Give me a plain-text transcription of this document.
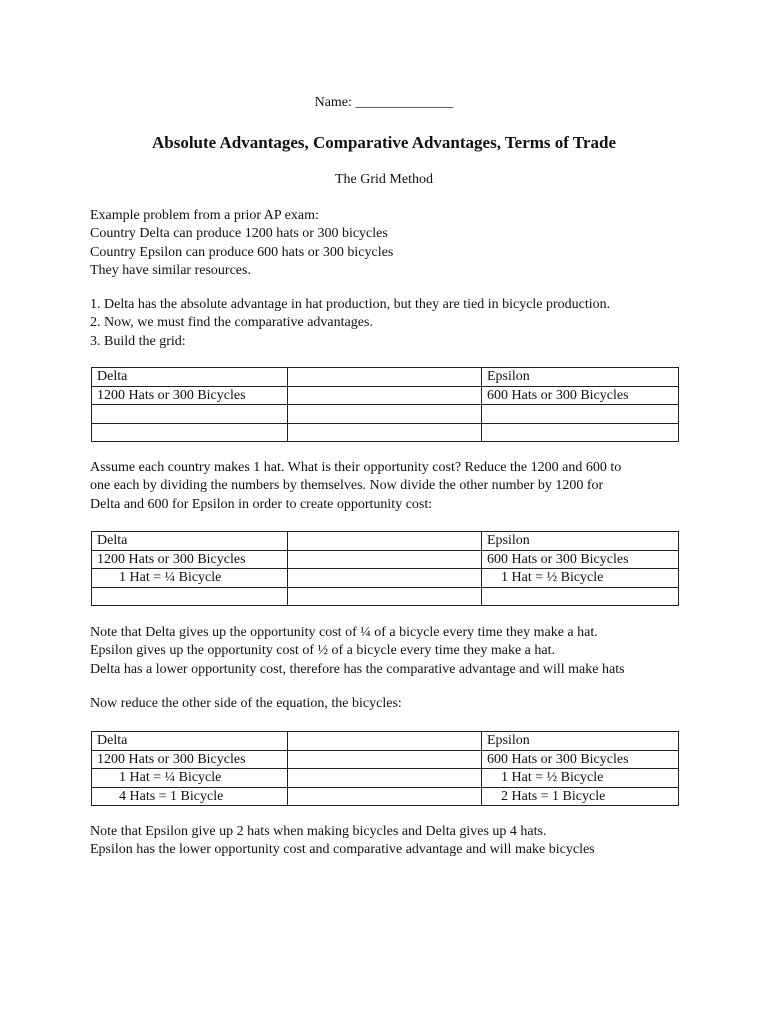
Name: ______________
Absolute Advantages, Comparative Advantages, Terms of Trade
The Grid Method

Example problem from a prior AP exam:

Country Delta can produce 1200 hats or 300 bicycles

Country Epsilon can produce 600 hats or 300 bicycles

They have similar resources.

1. Delta has the absolute advantage in hat production, but they are tied in bicycle production.

2. Now, we must find the comparative advantages.

3. Build the grid:

Delta		Epsilon
1200 Hats or 300 Bicycles		600 Hats or 300 Bicycles

Assume each country makes 1 hat. What is their opportunity cost? Reduce the 1200 and 600 to

one each by dividing the numbers by themselves. Now divide the other number by 1200 for

Delta and 600 for Epsilon in order to create opportunity cost:

Delta		Epsilon
1200 Hats or 300 Bicycles		600 Hats or 300 Bicycles
1 Hat = ¼ Bicycle		1 Hat = ½ Bicycle

Note that Delta gives up the opportunity cost of ¼ of a bicycle every time they make a hat.

Epsilon gives up the opportunity cost of ½ of a bicycle every time they make a hat.

Delta has a lower opportunity cost, therefore has the comparative advantage and will make hats

Now reduce the other side of the equation, the bicycles:

Delta		Epsilon
1200 Hats or 300 Bicycles		600 Hats or 300 Bicycles
1 Hat = ¼ Bicycle		1 Hat = ½ Bicycle
4 Hats = 1 Bicycle		2 Hats = 1 Bicycle

Note that Epsilon give up 2 hats when making bicycles and Delta gives up 4 hats.

Epsilon has the lower opportunity cost and comparative advantage and will make bicycles
